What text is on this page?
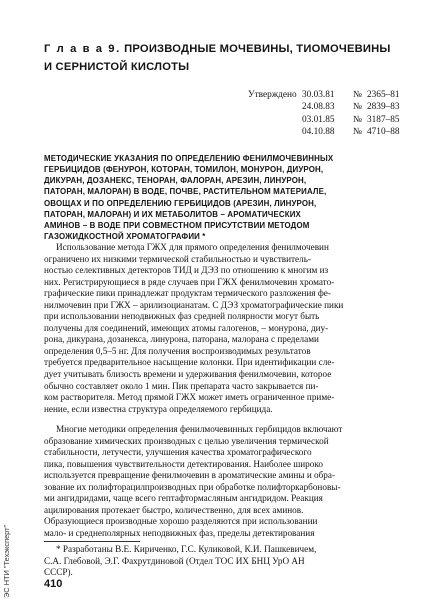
Г л а в а 9. ПРОИЗВОДНЫЕ МОЧЕВИНЫ, ТИОМОЧЕВИНЫ
И СЕРНИСТОЙ КИСЛОТЫ
Утверждено 30.03.81	№ 2365–81
24.08.83	№ 2839–83
03.01.85	№ 3187–85
04.10.88	№ 4710–88
МЕТОДИЧЕСКИЕ УКАЗАНИЯ ПО ОПРЕДЕЛЕНИЮ ФЕНИЛМОЧЕВИННЫХ
ГЕРБИЦИДОВ (ФЕНУРОН, КОТОРАН, ТОМИЛОН, МОНУРОН, ДИУРОН,
ДИКУРАН, ДОЗАНЕКС, ТЕНОРАН, ФАЛОРАН, АРЕЗИН, ЛИНУРОН,
ПАТОРАН, МАЛОРАН) В ВОДЕ, ПОЧВЕ, РАСТИТЕЛЬНОМ МАТЕРИАЛЕ,
ОВОЩАХ И ПО ОПРЕДЕЛЕНИЮ ГЕРБИЦИДОВ (АРЕЗИН, ЛИНУРОН,
ПАТОРАН, МАЛОРАН) И ИХ МЕТАБОЛИТОВ – АРОМАТИЧЕСКИХ
АМИНОВ – В ВОДЕ ПРИ СОВМЕСТНОМ ПРИСУТСТВИИ МЕТОДОМ
ГАЗОЖИДКОСТНОЙ ХРОМАТОГРАФИИ *
Использование метода ГЖХ для прямого определения фенилмочевин
ограничено их низкими термической стабильностью и чувствитель-
ностью селективных детекторов ТИД и ДЭЗ по отношению к многим из
них. Регистрирующиеся в ряде случаев при ГЖХ фенилмочевин хромато-
графические пики принадлежат продуктам термического разложения фе-
нилмочевин при ГЖХ – арилизоцианатам. С ДЭЗ хроматографические пики
при использовании неподвижных фаз средней полярности могут быть
получены для соединений, имеющих атомы галогенов, – монурона, диу-
рона, дикурана, дозанекса, линурона, паторана, малорана с пределами
определения 0,5–5 нг. Для получения воспроизводимых результатов
требуется предварительное насыщение колонки. При идентификации сле-
дует учитывать близость времени и удерживания фенилмочевин, которое
обычно составляет около 1 мин. Пик препарата часто закрывается пи-
ком растворителя. Метод прямой ГЖХ может иметь ограниченное приме-
нение, если известна структура определяемого гербицида.
Многие методики определения фенилмочевинных гербицидов включают
образование химических производных с целью увеличения термической
стабильности, летучести, улучшения качества хроматографического
пика, повышения чувствительности детектирования. Наиболее широко
используется превращение фенилмочевин в ароматические амины и обра-
зование их полифторацилпроизводных при обработке полифторкарбоновы-
ми ангидридами, чаще всего гептафтормасляным ангидридом. Реакция
ацилирования протекает быстро, количественно, для всех аминов.
Образующиеся производные хорошо разделяются при использовании
мало- и среднеполярных неподвижных фаз, пределы детектирования
* Разработаны В.Е. Кириченко, Г.С. Куликовой, К.И. Пашкевичем,
С.А. Глебовой, Э.Г. Фахрутдиновой (Отдел ТОС ИХ БНЦ УрО АН
СССР).
410
ЭС НТИ "Техэксперт"
